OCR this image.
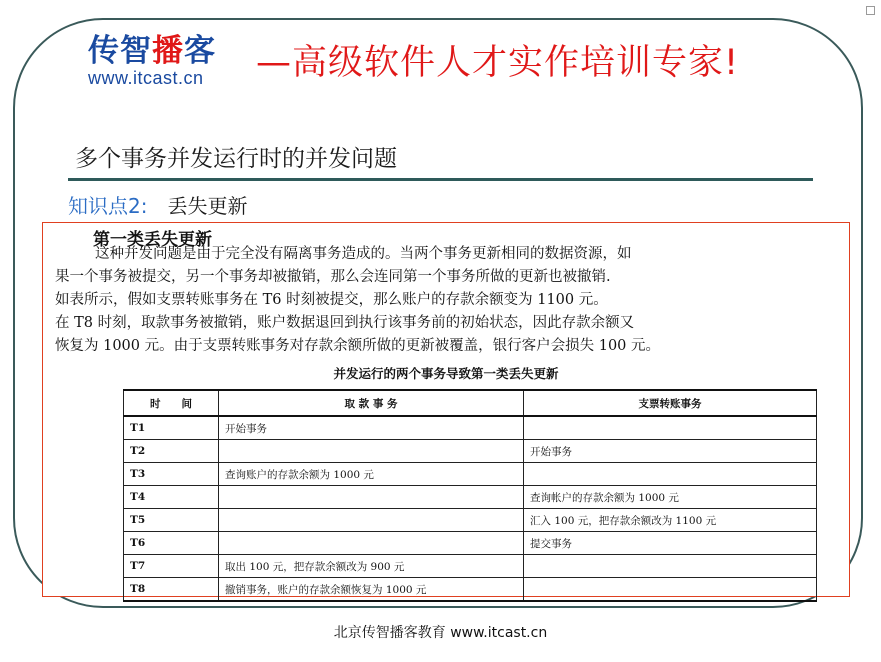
传智播客
www.itcast.cn	—高级软件人才实作培训专家!
多个事务并发运行时的并发问题
知识点2: 丢失更新
第一类丢失更新
这种并发问题是由于完全没有隔离事务造成的。当两个事务更新相同的数据资源，如
果一个事务被提交，另一个事务却被撤销，那么会连同第一个事务所做的更新也被撤销.
如表所示，假如支票转账事务在 T6 时刻被提交，那么账户的存款余额变为 1100 元。
在 T8 时刻，取款事务被撤销，账户数据退回到执行该事务前的初始状态，因此存款余额又
恢复为 1000 元。由于支票转账事务对存款余额所做的更新被覆盖，银行客户会损失 100 元。
并发运行的两个事务导致第一类丢失更新
时　　间	取 款 事 务	支票转账事务
T1	开始事务	
T2		开始事务
T3	查询账户的存款余额为 1000 元	
T4		查询帐户的存款余额为 1000 元
T5		汇入 100 元，把存款余额改为 1100 元
T6		提交事务
T7	取出 100 元，把存款余额改为 900 元	
T8	撤销事务，账户的存款余额恢复为 1000 元	
北京传智播客教育 www.itcast.cn
